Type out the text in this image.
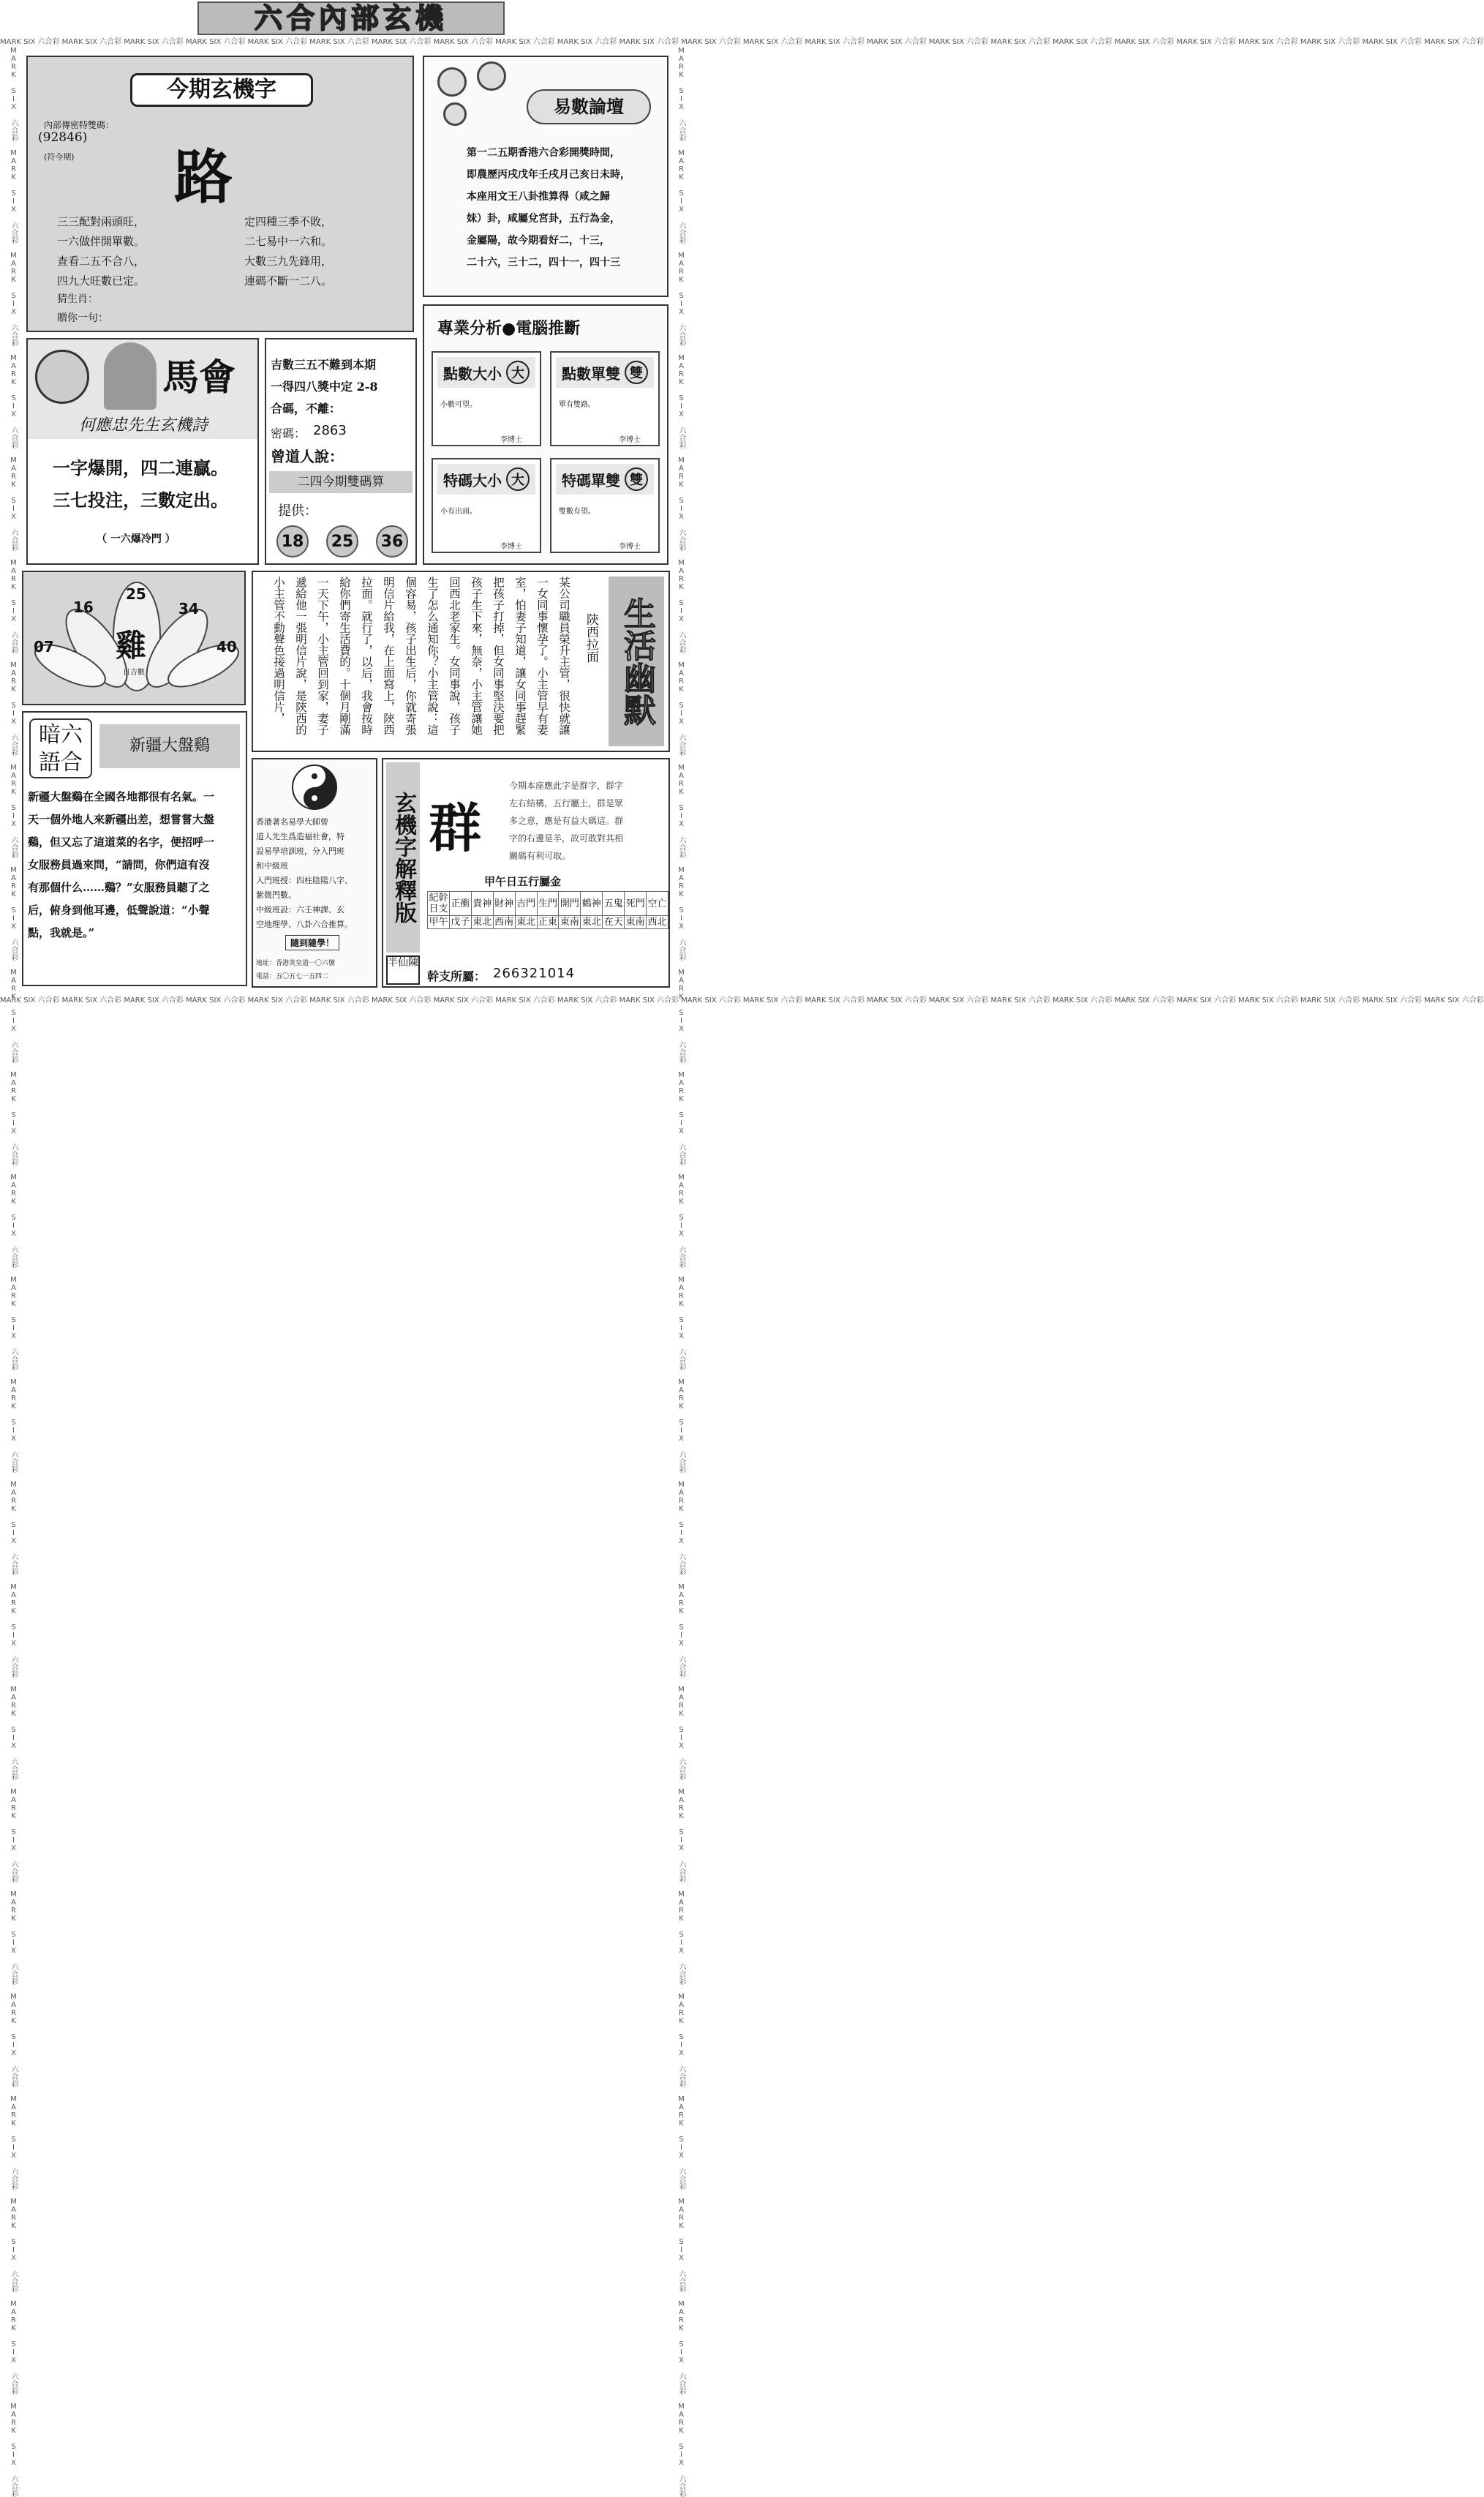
MARK SIX 六合彩 MARK SIX 六合彩 MARK SIX 六合彩 MARK SIX 六合彩 MARK SIX 六合彩 MARK SIX 六合彩 MARK SIX 六合彩 MARK SIX 六合彩 MARK SIX 六合彩 MARK SIX 六合彩 MARK SIX 六合彩 MARK SIX 六合彩 MARK SIX 六合彩 MARK SIX 六合彩 MARK SIX 六合彩 MARK SIX 六合彩 MARK SIX 六合彩 MARK SIX 六合彩 MARK SIX 六合彩 MARK SIX 六合彩 MARK SIX 六合彩 MARK SIX 六合彩 MARK SIX 六合彩 MARK SIX 六合彩
MARK SIX 六合彩 MARK SIX 六合彩 MARK SIX 六合彩 MARK SIX 六合彩 MARK SIX 六合彩 MARK SIX 六合彩 MARK SIX 六合彩 MARK SIX 六合彩 MARK SIX 六合彩 MARK SIX 六合彩 MARK SIX 六合彩 MARK SIX 六合彩 MARK SIX 六合彩 MARK SIX 六合彩 MARK SIX 六合彩 MARK SIX 六合彩 MARK SIX 六合彩 MARK SIX 六合彩 MARK SIX 六合彩 MARK SIX 六合彩 MARK SIX 六合彩 MARK SIX 六合彩 MARK SIX 六合彩 MARK SIX 六合彩
MARK SIX 六合彩 MARK SIX 六合彩 MARK SIX 六合彩 MARK SIX 六合彩 MARK SIX 六合彩 MARK SIX 六合彩 MARK SIX 六合彩 MARK SIX 六合彩 MARK SIX 六合彩 MARK SIX 六合彩 MARK SIX 六合彩 MARK SIX 六合彩 MARK SIX 六合彩 MARK SIX 六合彩 MARK SIX 六合彩 MARK SIX 六合彩 MARK SIX 六合彩 MARK SIX 六合彩 MARK SIX 六合彩 MARK SIX 六合彩 MARK SIX 六合彩 MARK SIX 六合彩 MARK SIX 六合彩 MARK SIX 六合彩	MARK SIX 六合彩 MARK SIX 六合彩 MARK SIX 六合彩 MARK SIX 六合彩 MARK SIX 六合彩 MARK SIX 六合彩 MARK SIX 六合彩 MARK SIX 六合彩 MARK SIX 六合彩 MARK SIX 六合彩 MARK SIX 六合彩 MARK SIX 六合彩 MARK SIX 六合彩 MARK SIX 六合彩 MARK SIX 六合彩 MARK SIX 六合彩 MARK SIX 六合彩 MARK SIX 六合彩 MARK SIX 六合彩 MARK SIX 六合彩 MARK SIX 六合彩 MARK SIX 六合彩 MARK SIX 六合彩 MARK SIX 六合彩
六合內部玄機
今期玄機字
內部傳密特雙碼：
(92846)
(符今期) 路
三三配對兩頭旺，
一六做伴開單數。
查看二五不合八，
四九大旺數已定。
定四種三季不敗，
二七易中一六和。
大數三九先鋒用，
連碼不斷一二八。
猜生肖：
贈你一句：
易數論壇
第一二五期香港六合彩開獎時間，
即農歷丙戌戊年壬戌月己亥日未時，
本座用文王八卦推算得（咸之歸
妹）卦，咸屬兌宮卦，五行為金，
金屬陽，故今期看好二，十三，
二十六，三十二，四十一，四十三
馬會
何應忠先生玄機詩
一字爆開，四二連贏。
三七投注，三數定出。
（ 一六爆冷門 ）
吉數三五不難到本期
一得四八獎中定 2-8
合碼，不離：
密碼： 2863
曾道人說：
二四今期雙碼算
提供：
18	25	36
專業分析●電腦推斷
點數大小 大
小數可望。
李博士
點數單雙 雙
單有雙路。
李博士
特碼大小 大
小有出頭。
李博士
特碼單雙 雙
雙數有望。
李博士
25
16	34
07	40
雞
日吉數	生活幽默
陝西拉面
某公司職員榮升主管，很快就讓
一女同事懷孕了。小主管早有妻
室，怕妻子知道，讓女同事趕緊
把孩子打掉，但女同事堅決要把
孩子生下來，無奈，小主管讓她
回西北老家生。女同事說，孩子
生了怎么通知你？小主管說：這
個容易，孩子出生后，你就寄張
明信片給我，在上面寫上，陝西
拉面。就行了，以后，我會按時
給你們寄生活費的。十個月剛滿
一天下午，小主管回到家，妻子
遞給他一張明信片說，是陝西的
小主管不動聲色接過明信片，
暗六語合
新疆大盤鷄
新疆大盤鷄在全國各地都很有名氣。一
天一個外地人來新疆出差，想嘗嘗大盤
鷄，但又忘了這道菜的名字，便招呼一
女服務員過來問，“請問，你們這有沒
有那個什么……鷄？”女服務員聽了之
后，俯身到他耳邊，低聲說道：“小聲
點，我就是。”
香港著名易學大師曾
道人先生爲造福社會，特
設易學培訓班，分入門班
和中級班
入門班授：四柱陰陽八字、
紫微門數。
中級班設：六壬神課、玄
空地理學、八卦六合推算。
隨到隨學！
地址：香港英皇道一〇六號
電話：五〇五七一五四二
玄機字解釋版
半仙陳
群
今期本座應此字是群字，群字
左右結構，五行屬土，群是眾
多之意，應是有益大碼這。群
字的右邊是羊，故可敢對其相
關碼有利可取。
甲午日五行屬金
紀幹日支	正衝	貴神	財神	吉門	生門	開門	鶴神	五鬼	死門	空亡
甲午	戊子	東北	西南	東北	正東	東南	東北	在天	東南	西北
幹支所屬： 266321014
